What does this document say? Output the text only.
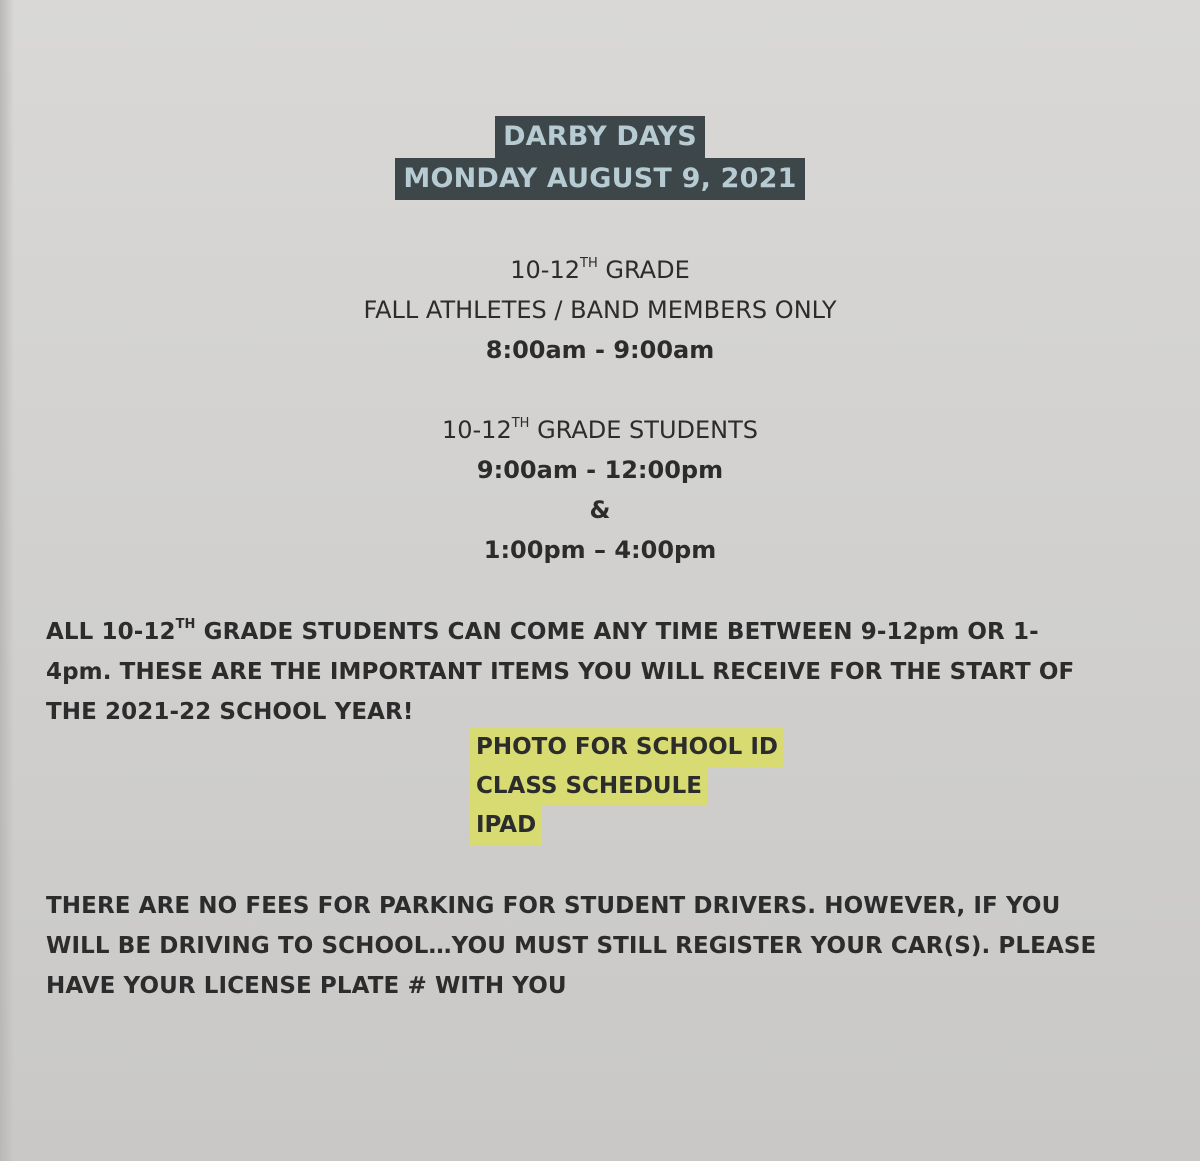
DARBY DAYS
MONDAY AUGUST 9, 2021
10-12TH GRADE
FALL ATHLETES / BAND MEMBERS ONLY
8:00am - 9:00am
10-12TH GRADE STUDENTS
9:00am - 12:00pm
&
1:00pm – 4:00pm
ALL 10-12TH GRADE STUDENTS CAN COME ANY TIME BETWEEN 9-12pm OR 1-
4pm. THESE ARE THE IMPORTANT ITEMS YOU WILL RECEIVE FOR THE START OF
THE 2021-22 SCHOOL YEAR!
PHOTO FOR SCHOOL ID
CLASS SCHEDULE
IPAD
THERE ARE NO FEES FOR PARKING FOR STUDENT DRIVERS. HOWEVER, IF YOU
WILL BE DRIVING TO SCHOOL…YOU MUST STILL REGISTER YOUR CAR(S). PLEASE
HAVE YOUR LICENSE PLATE # WITH YOU
